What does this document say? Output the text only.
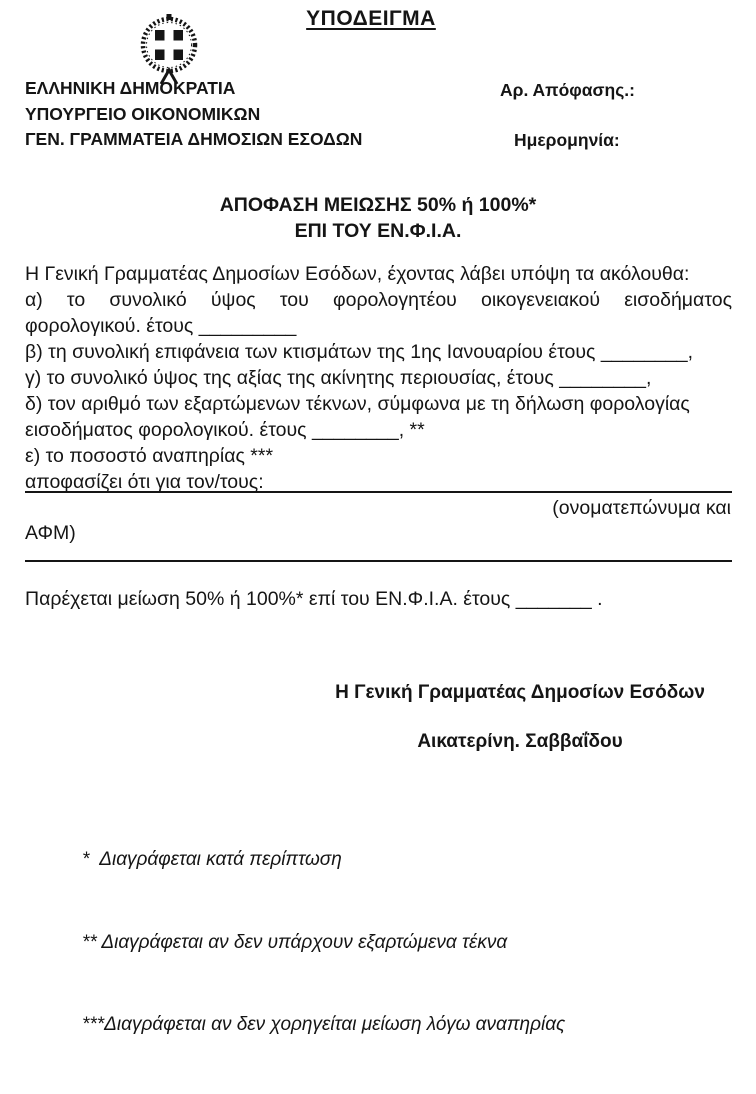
ΥΠΟΔΕΙΓΜΑ
ΕΛΛΗΝΙΚΗ ΔΗΜΟΚΡΑΤΙΑ
ΥΠΟΥΡΓΕΙΟ ΟΙΚΟΝΟΜΙΚΩΝ
ΓΕΝ. ΓΡΑΜΜΑΤΕΙΑ ΔΗΜΟΣΙΩΝ ΕΣΟΔΩΝ
Αρ. Απόφασης.:
Ημερομηνία:
ΑΠΟΦΑΣΗ ΜΕΙΩΣΗΣ 50% ή 100%*
ΕΠΙ ΤΟΥ ΕΝ.Φ.Ι.Α.
Η Γενική Γραμματέας Δημοσίων Εσόδων, έχοντας λάβει υπόψη τα ακόλουθα:
α) το συνολικό ύψος του φορολογητέου οικογενειακού εισοδήματος
φορολογικού. έτους _________
β) τη συνολική επιφάνεια των κτισμάτων της 1ης Ιανουαρίου έτους ________,
γ) το συνολικό ύψος της αξίας της ακίνητης περιουσίας, έτους ________,
δ) τον αριθμό των εξαρτώμενων τέκνων, σύμφωνα με τη δήλωση φορολογίας
εισοδήματος φορολογικού. έτους ________, **
ε) το ποσοστό αναπηρίας ***
αποφασίζει ότι για τον/τους:
(ονοματεπώνυμα και
ΑΦΜ)
Παρέχεται μείωση 50% ή 100%* επί του ΕΝ.Φ.Ι.Α. έτους _______ .
Η Γενική Γραμματέας Δημοσίων Εσόδων
Αικατερίνη. Σαββαΐδου

*  Διαγράφεται κατά περίπτωση

** Διαγράφεται αν δεν υπάρχουν εξαρτώμενα τέκνα

***Διαγράφεται αν δεν χορηγείται μείωση λόγω αναπηρίας
